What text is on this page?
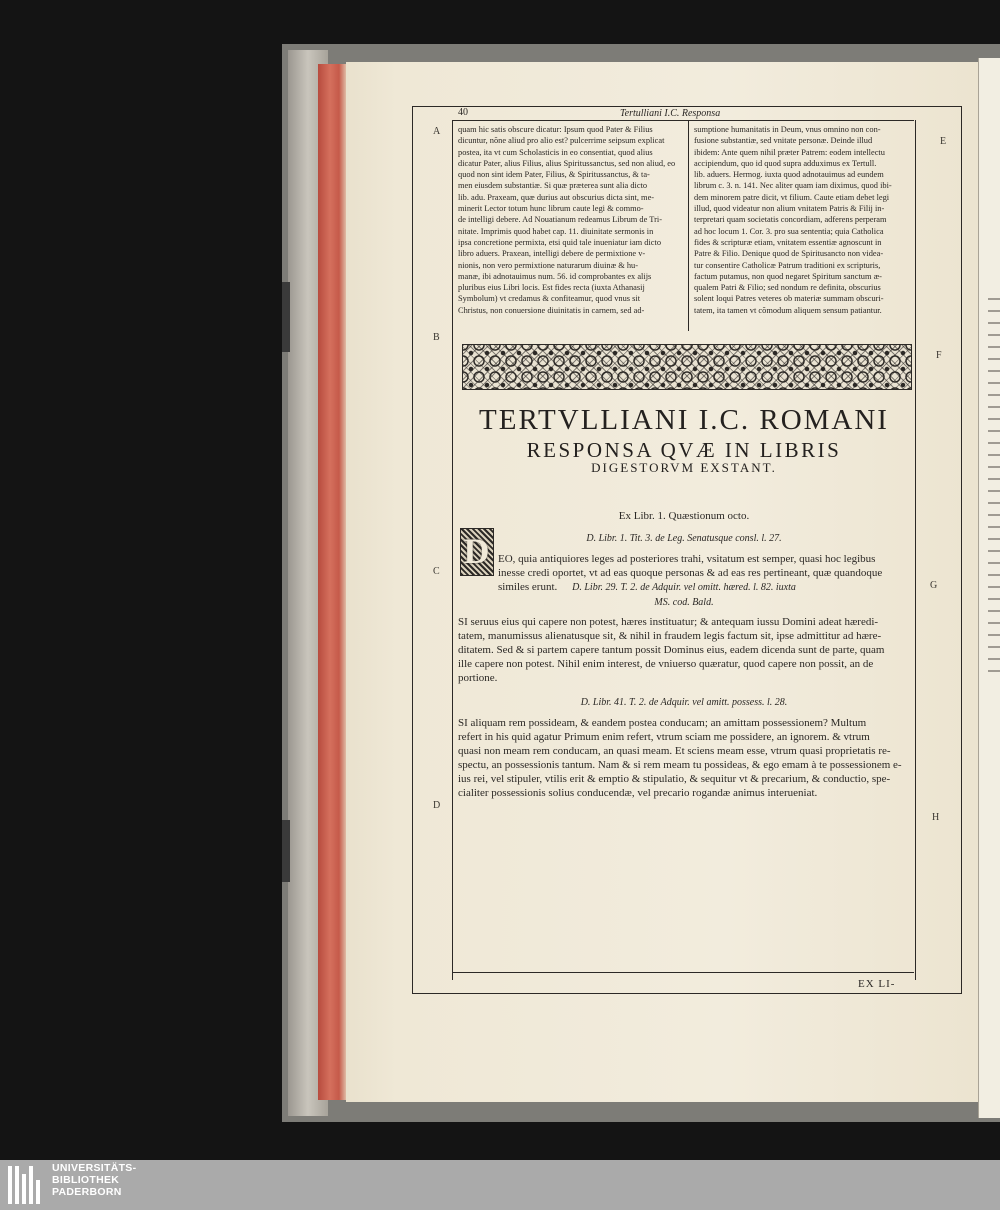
40	Tertulliani I.C. Responsa
A
B
C
D
E
F
G
H

quam hic satis obscure dicatur: Ipsum quod Pater & Filius

dicuntur, nõne aliud pro alio est? pulcerrime seipsum explicat

postea, ita vt cum Scholasticis in eo consentiat, quod alius

dicatur Pater, alius Filius, alius Spiritussanctus, sed non aliud, eo

quod non sint idem Pater, Filius, & Spiritussanctus, & ta-

men eiusdem substantiæ. Si quæ præterea sunt alia dicto

lib. adu. Praxeam, quæ durius aut obscurius dicta sint, me-

minerit Lector totum hunc librum caute legi & commo-

de intelligi debere. Ad Nouatianum redeamus Librum de Tri-

nitate. Imprimis quod habet cap. 11. diuinitate sermonis in

ipsa concretione permixta, etsi quid tale inueniatur iam dicto

libro aduers. Praxean, intelligi debere de permixtione v-

nionis, non vero permixtione naturarum diuinæ & hu-

manæ, ibi adnotauimus num. 56. id comprobantes ex alijs

pluribus eius Libri locis. Est fides recta (iuxta Athanasij

Symbolum) vt credamus & confiteamur, quod vnus sit

Christus, non conuersione diuinitatis in carnem, sed ad-

sumptione humanitatis in Deum, vnus omnino non con-

fusione substantiæ, sed vnitate personæ. Deinde illud

ibidem: Ante quem nihil præter Patrem: eodem intellectu

accipiendum, quo id quod supra adduximus ex Tertull.

lib. aduers. Hermog. iuxta quod adnotauimus ad eundem

librum c. 3. n. 141. Nec aliter quam iam diximus, quod ibi-

dem minorem patre dicit, vt filium. Caute etiam debet legi

illud, quod videatur non alium vnitatem Patris & Filij in-

terpretari quam societatis concordiam, adferens perperam

ad hoc locum 1. Cor. 3. pro sua sententia; quia Catholica

fides & scripturæ etiam, vnitatem essentiæ agnoscunt in

Patre & Filio. Denique quod de Spiritusancto non videa-

tur consentire Catholicæ Patrum traditioni ex scripturis,

factum putamus, non quod negaret Spiritum sanctum æ-

qualem Patri & Filio; sed nondum re definita, obscurius

solent loqui Patres veteres ob materiæ summam obscuri-

tatem, ita tamen vt cõmodum aliquem sensum patiantur.

TERTVLLIANI I.C. ROMANI
RESPONSA QVÆ IN LIBRIS
DIGESTORVM EXSTANT.
Ex Libr. 1. Quæstionum octo.
D. Libr. 1. Tit. 3. de Leg. Senatusque consl. l. 27.
D EO, quia antiquiores leges ad posteriores trahi, vsitatum est semper, quasi hoc legibus
inesse credi oportet, vt ad eas quoque personas & ad eas res pertineant, quæ quandoque
similes erunt.	D. Libr. 29. T. 2. de Adquir. vel omitt. hæred. l. 82. iuxta
MS. cod. Bald.
SI seruus eius qui capere non potest, hæres instituatur; & antequam iussu Domini adeat hæredi-
tatem, manumissus alienatusque sit, & nihil in fraudem legis factum sit, ipse admittitur ad hære-
ditatem. Sed & si partem capere tantum possit Dominus eius, eadem dicenda sunt de parte, quam
ille capere non potest. Nihil enim interest, de vniuerso quæratur, quod capere non possit, an de
portione.
D. Libr. 41. T. 2. de Adquir. vel amitt. possess. l. 28.
SI aliquam rem possideam, & eandem postea conducam; an amittam possessionem? Multum
refert in his quid agatur Primum enim refert, vtrum sciam me possidere, an ignorem. & vtrum
quasi non meam rem conducam, an quasi meam. Et sciens meam esse, vtrum quasi proprietatis re-
spectu, an possessionis tantum. Nam & si rem meam tu possideas, & ego emam à te possessionem e-
ius rei, vel stipuler, vtilis erit & emptio & stipulatio, & sequitur vt & precarium, & conductio, spe-
cialiter possessionis solius conducendæ, vel precario rogandæ animus interueniat.
EX LI-
UNIVERSITÄTS-
BIBLIOTHEK
PADERBORN
